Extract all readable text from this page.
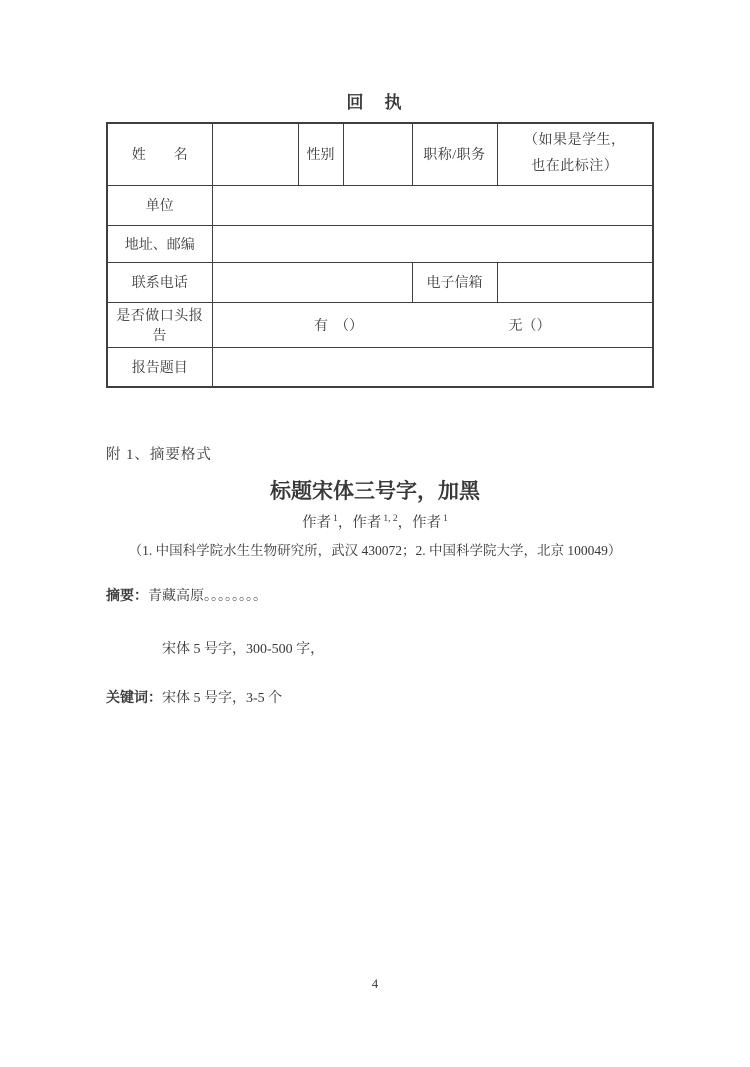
回　执
姓　　名		性别		职称/职务	（如果是学生，
也在此标注）

单位					
地址、邮编					
联系电话				电子信箱	
是否做口头报告	有　（） 无（）				
报告题目					
附 1、摘要格式
标题宋体三号字，加黑
作者 $^1$，作者 $^{1, 2}$，作者 $^1$
（1. 中国科学院水生生物研究所，武汉 430072；2. 中国科学院大学，北京 100049）
摘要：青藏高原。。。。。。。。
宋体 5 号字，300-500 字，
关键词：宋体 5 号字，3-5 个
4
